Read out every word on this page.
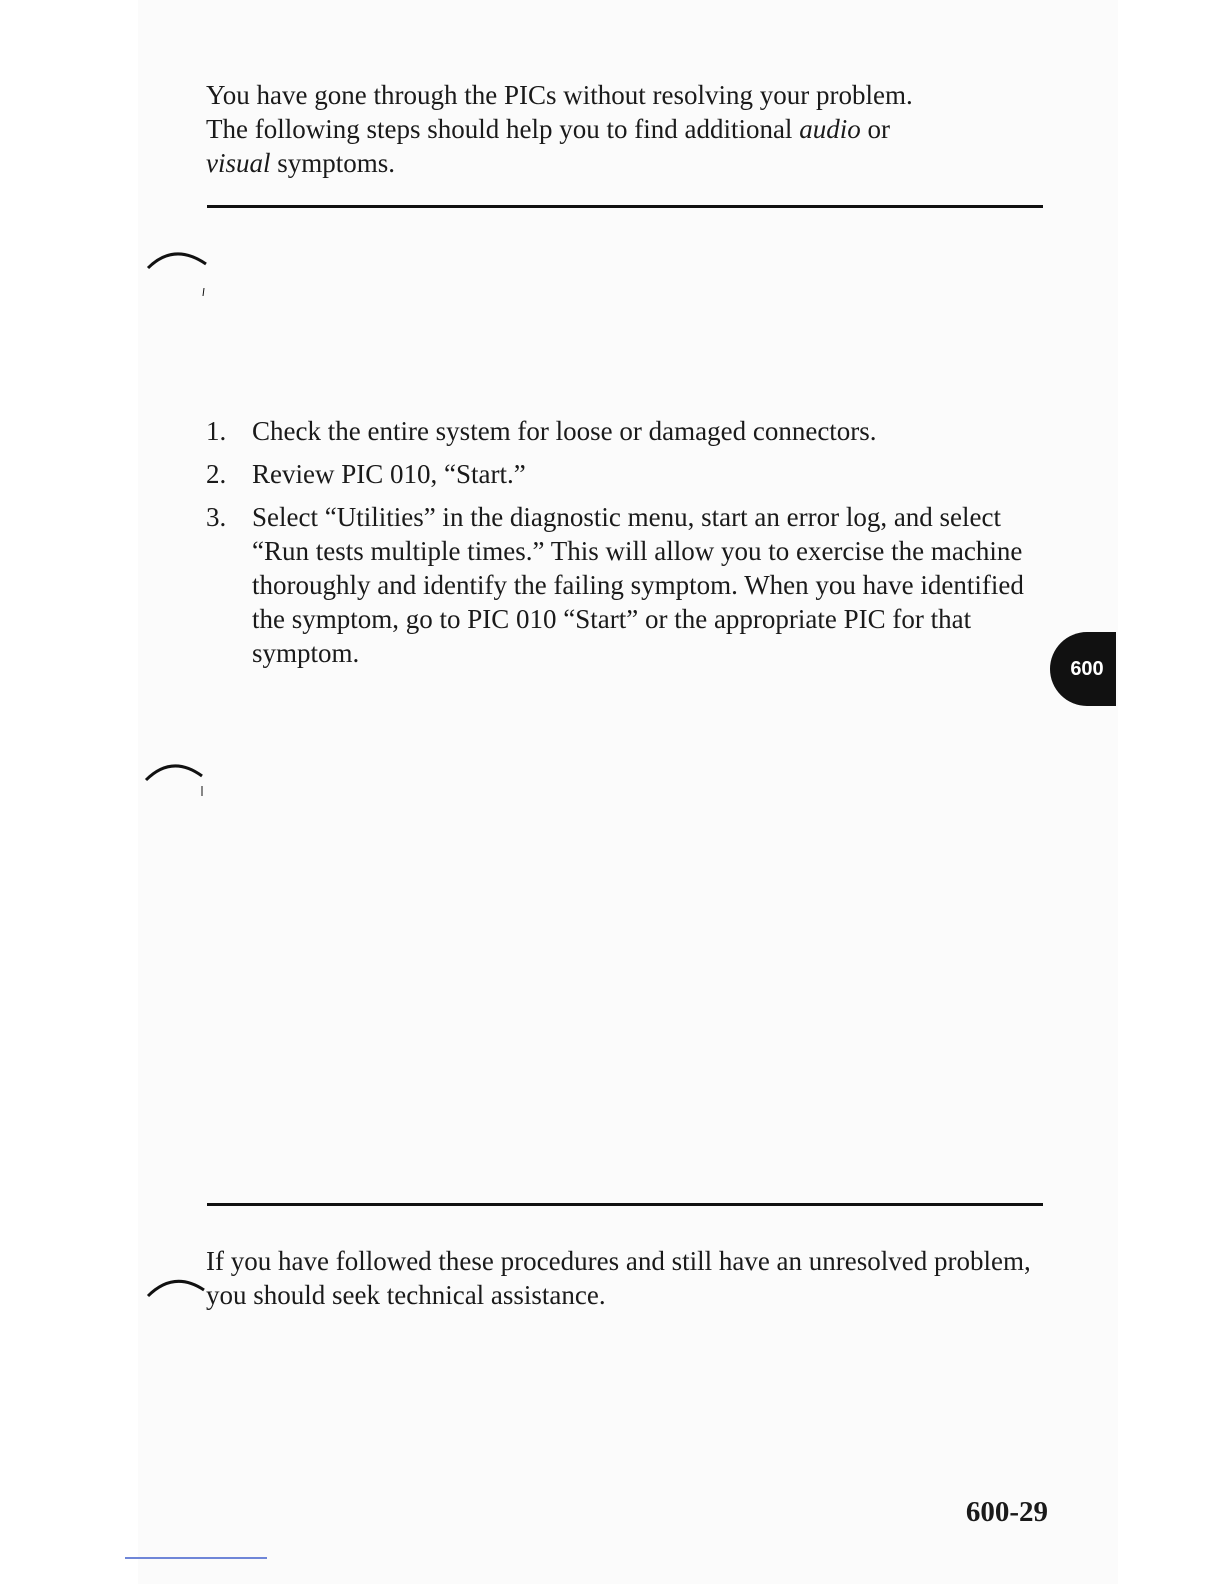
You have gone through the PICs without resolving your problem.
The following steps should help you to find additional audio or
visual symptoms.
1. Check the entire system for loose or damaged connectors.
2. Review PIC 010, “Start.”
3. Select “Utilities” in the diagnostic menu, start an error log, and select “Run tests multiple times.” This will allow you to exercise the machine thoroughly and identify the failing symptom. When you have identified the symptom, go to PIC 010 “Start” or the appropriate PIC for that symptom.
600
If you have followed these procedures and still have an unresolved problem, you should seek technical assistance.
600-29
